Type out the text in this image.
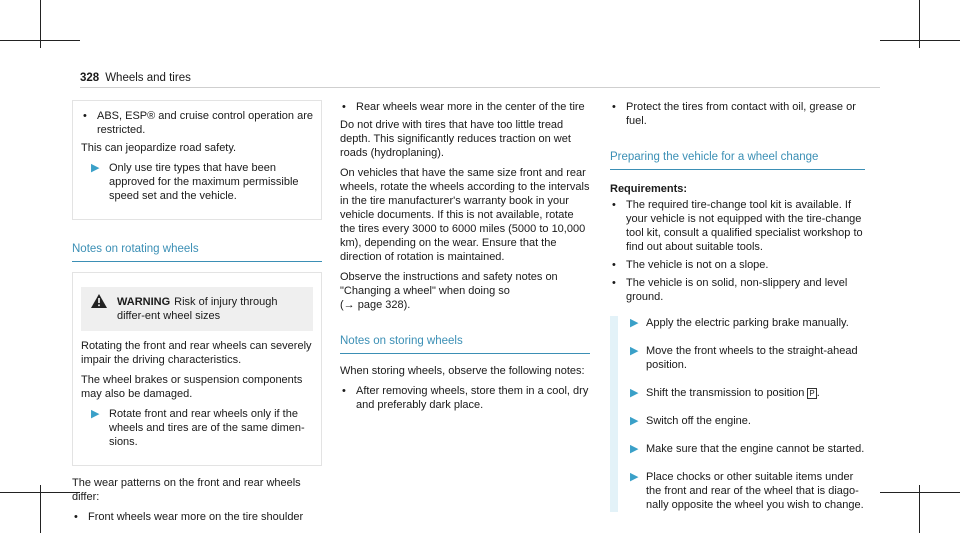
328 Wheels and tires
• ABS, ESP® and cruise control operation are restricted.

This can jeopardize road safety.

▶ Only use tire types that have been approved for the maximum permissible speed set and the vehicle.
Notes on rotating wheels
WARNING Risk of injury through differ-ent wheel sizes

Rotating the front and rear wheels can severely impair the driving characteristics.

The wheel brakes or suspension components may also be damaged.

▶ Rotate front and rear wheels only if the wheels and tires are of the same dimen-sions.

The wear patterns on the front and rear wheels differ:

• Front wheels wear more on the tire shoulder
• Rear wheels wear more in the center of the tire

Do not drive with tires that have too little tread depth. This significantly reduces traction on wet roads (hydroplaning).

On vehicles that have the same size front and rear wheels, rotate the wheels according to the intervals in the tire manufacturer's warranty book in your vehicle documents. If this is not available, rotate the tires every 3000 to 6000 miles (5000 to 10,000 km), depending on the wear. Ensure that the direction of rotation is maintained.

Observe the instructions and safety notes on "Changing a wheel" when doing so
(→ page 328).

Notes on storing wheels

When storing wheels, observe the following notes:

• After removing wheels, store them in a cool, dry and preferably dark place.
• Protect the tires from contact with oil, grease or fuel.
Preparing the vehicle for a wheel change
Requirements:
• The required tire-change tool kit is available. If your vehicle is not equipped with the tire-change tool kit, consult a qualified specialist workshop to find out about suitable tools.
• The vehicle is not on a slope.
• The vehicle is on solid, non-slippery and level ground.
▶ Apply the electric parking brake manually.
▶ Move the front wheels to the straight-ahead position.
▶ Shift the transmission to position P .
▶ Switch off the engine.
▶ Make sure that the engine cannot be started.
▶ Place chocks or other suitable items under the front and rear of the wheel that is diago-nally opposite the wheel you wish to change.
